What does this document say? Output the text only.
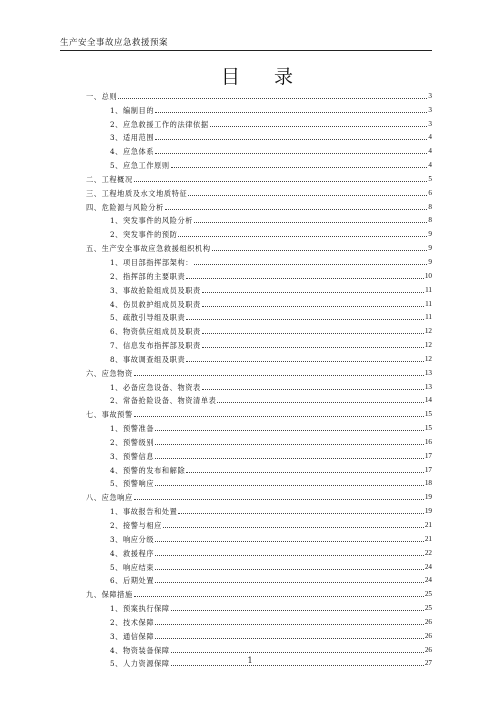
生产安全事故应急救援预案
目 录
一、总则	3
1、编制目的	3
2、应急救援工作的法律依据	3
3、适用范围	4
4、应急体系	4
5、应急工作原则	4
二、工程概况	5
三、工程地质及水文地质特征	6
四、危险源与风险分析	8
1、突发事件的风险分析	8
2、突发事件的预防	9
五、生产安全事故应急救援组织机构	9
1、项目部指挥部架构：	9
2、指挥部的主要职责	10
3、事故抢险组成员及职责	11
4、伤员救护组成员及职责	11
5、疏散引导组及职责	11
6、物资供应组成员及职责	12
7、信息发布指挥部及职责	12
8、事故调查组及职责	12
六、应急物资	13
1、必备应急设备、物资表	13
2、常备抢险设备、物资清单表	14
七、事故预警	15
1、预警准备	15
2、预警级别	16
3、预警信息	17
4、预警的发布和解除	17
5、预警响应	18
八、应急响应	19
1、事故报告和处置	19
2、接警与相应	21
3、响应分级	21
4、救援程序	22
5、响应结束	24
6、后期处置	24
九、保障措施	25
1、预案执行保障	25
2、技术保障	26
3、通信保障	26
4、物资装备保障	26
5、人力资源保障	27
1
